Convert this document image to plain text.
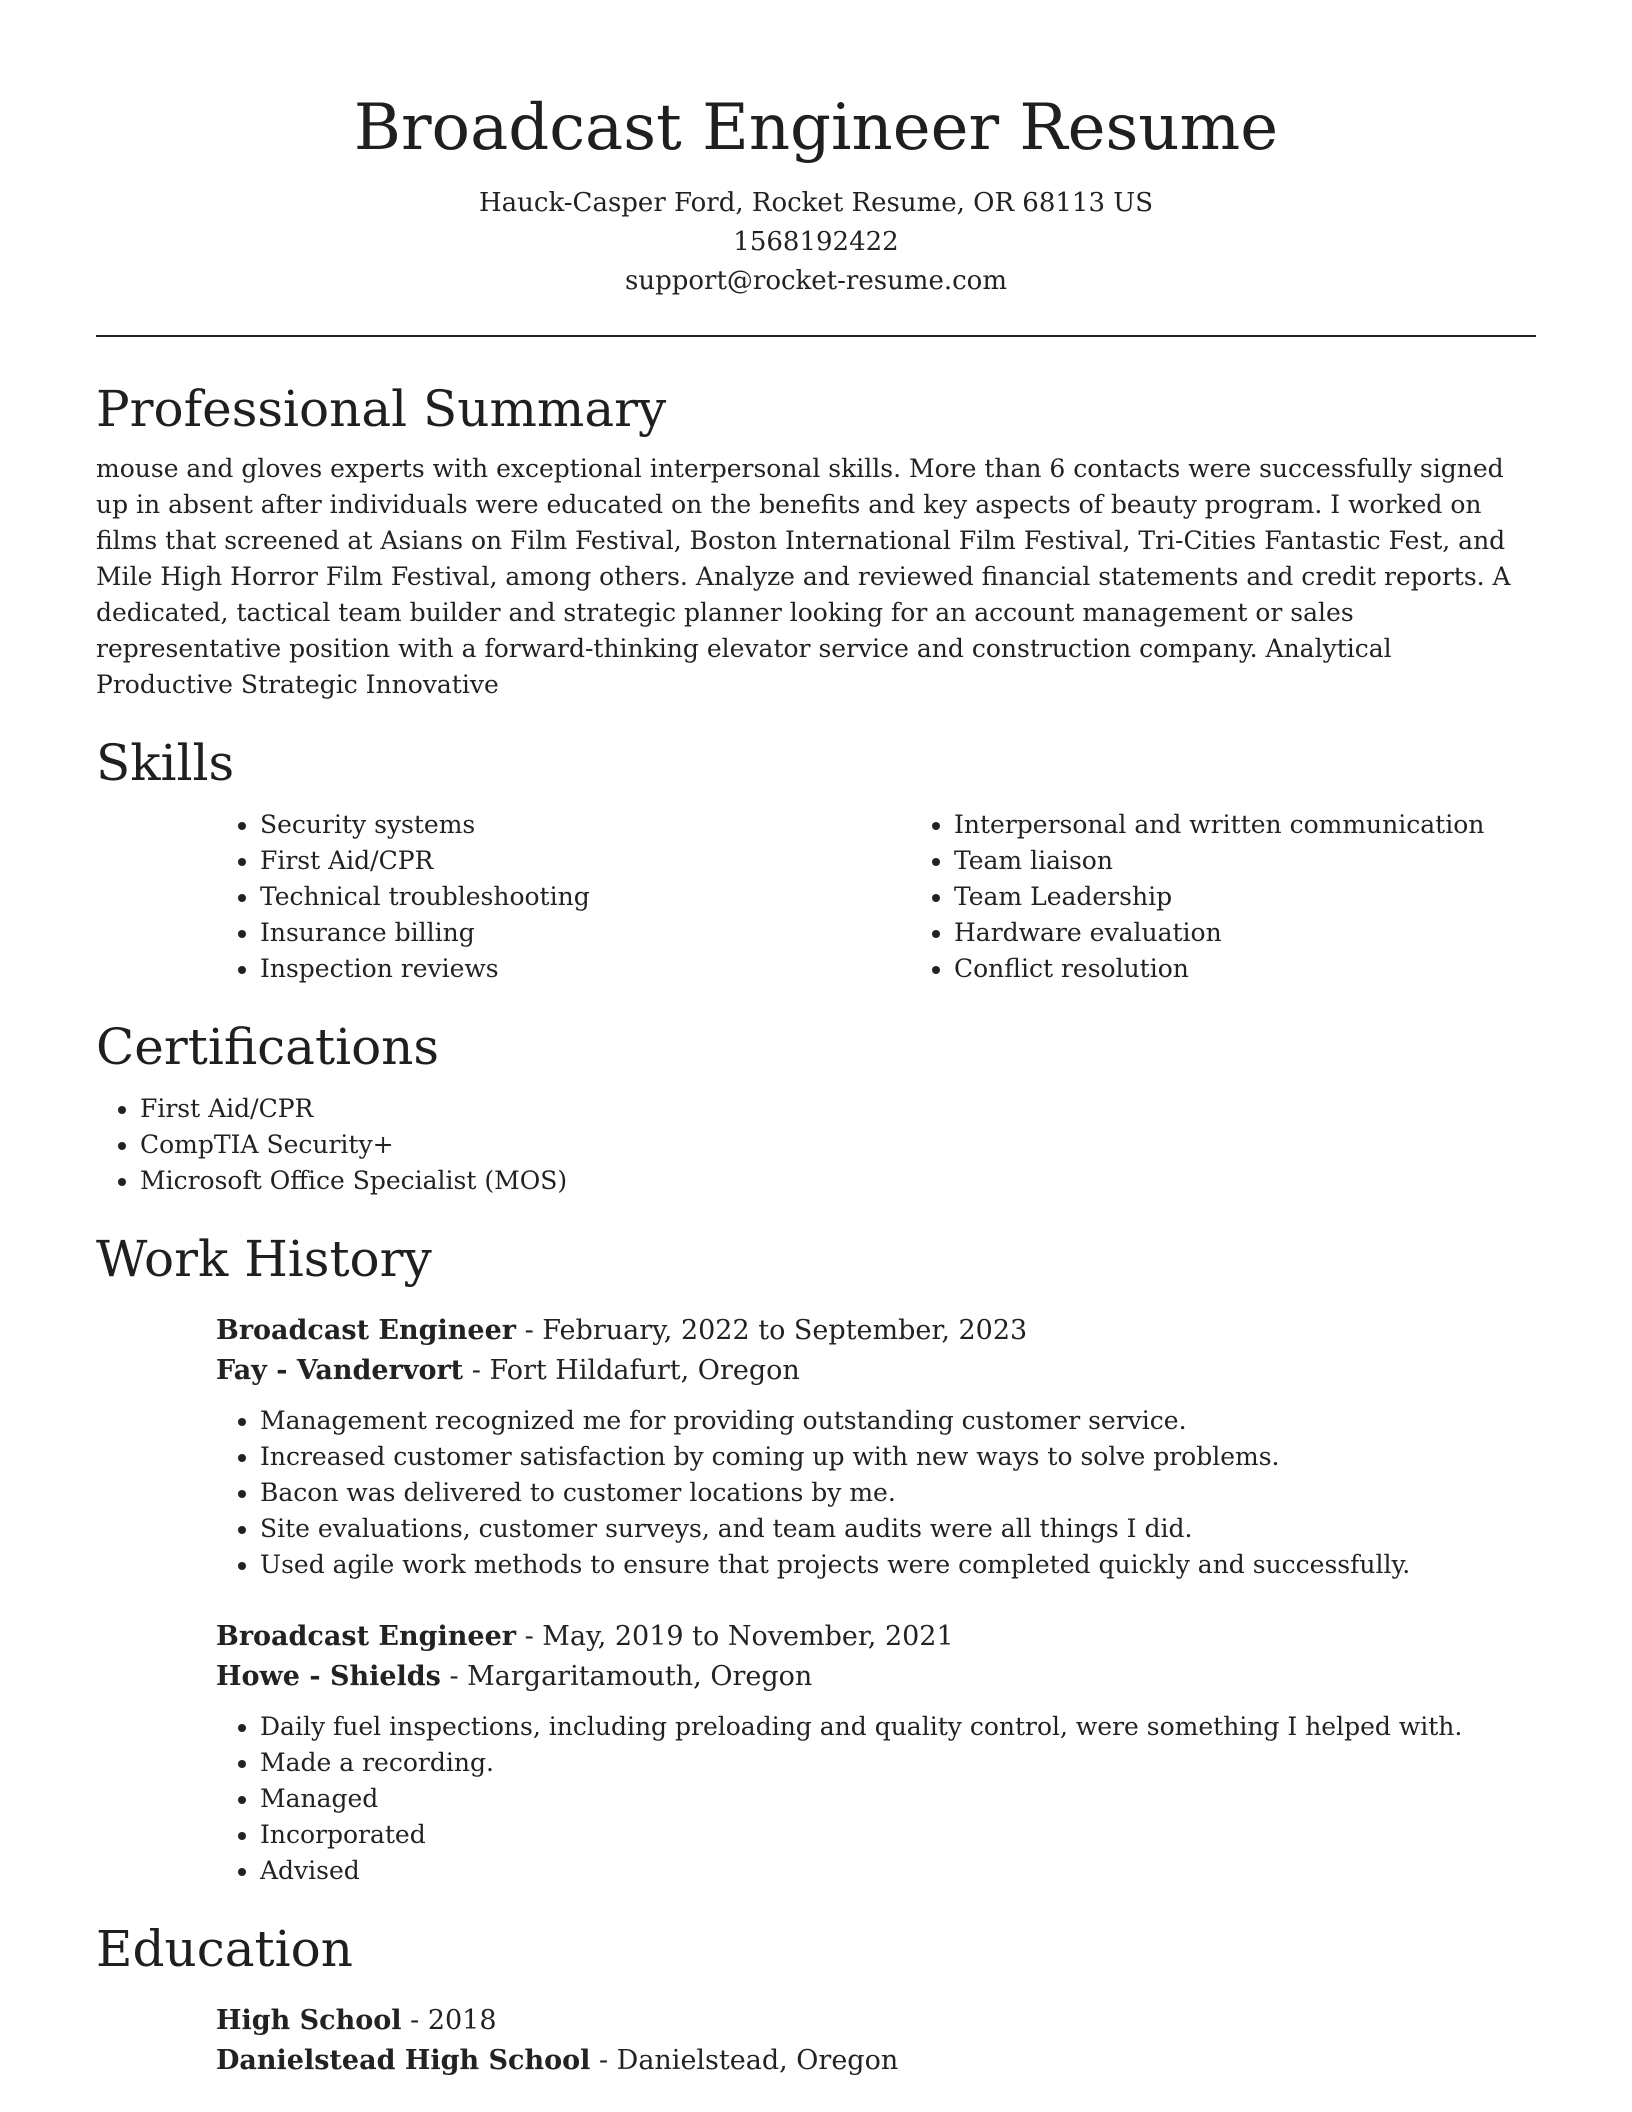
Broadcast Engineer Resume

Hauck-Casper Ford, Rocket Resume, OR 68113 US

1568192422

support@rocket-resume.com

Professional Summary

mouse and gloves experts with exceptional interpersonal skills. More than 6 contacts were successfully signed up in absent after individuals were educated on the benefits and key aspects of beauty program. I worked on films that screened at Asians on Film Festival, Boston International Film Festival, Tri-Cities Fantastic Fest, and Mile High Horror Film Festival, among others. Analyze and reviewed financial statements and credit reports. A dedicated, tactical team builder and strategic planner looking for an account management or sales representative position with a forward-thinking elevator service and construction company. Analytical Productive Strategic Innovative

Skills
• Security systems
• First Aid/CPR
• Technical troubleshooting
• Insurance billing
• Inspection reviews
• Interpersonal and written communication
• Team liaison
• Team Leadership
• Hardware evaluation
• Conflict resolution
Certifications
• First Aid/CPR
• CompTIA Security+
• Microsoft Office Specialist (MOS)
Work History

Broadcast Engineer - February, 2022 to September, 2023

Fay - Vandervort - Fort Hildafurt, Oregon

• Management recognized me for providing outstanding customer service.
• Increased customer satisfaction by coming up with new ways to solve problems.
• Bacon was delivered to customer locations by me.
• Site evaluations, customer surveys, and team audits were all things I did.
• Used agile work methods to ensure that projects were completed quickly and successfully.

Broadcast Engineer - May, 2019 to November, 2021

Howe - Shields - Margaritamouth, Oregon

• Daily fuel inspections, including preloading and quality control, were something I helped with.
• Made a recording.
• Managed
• Incorporated
• Advised
Education

High School - 2018

Danielstead High School - Danielstead, Oregon
